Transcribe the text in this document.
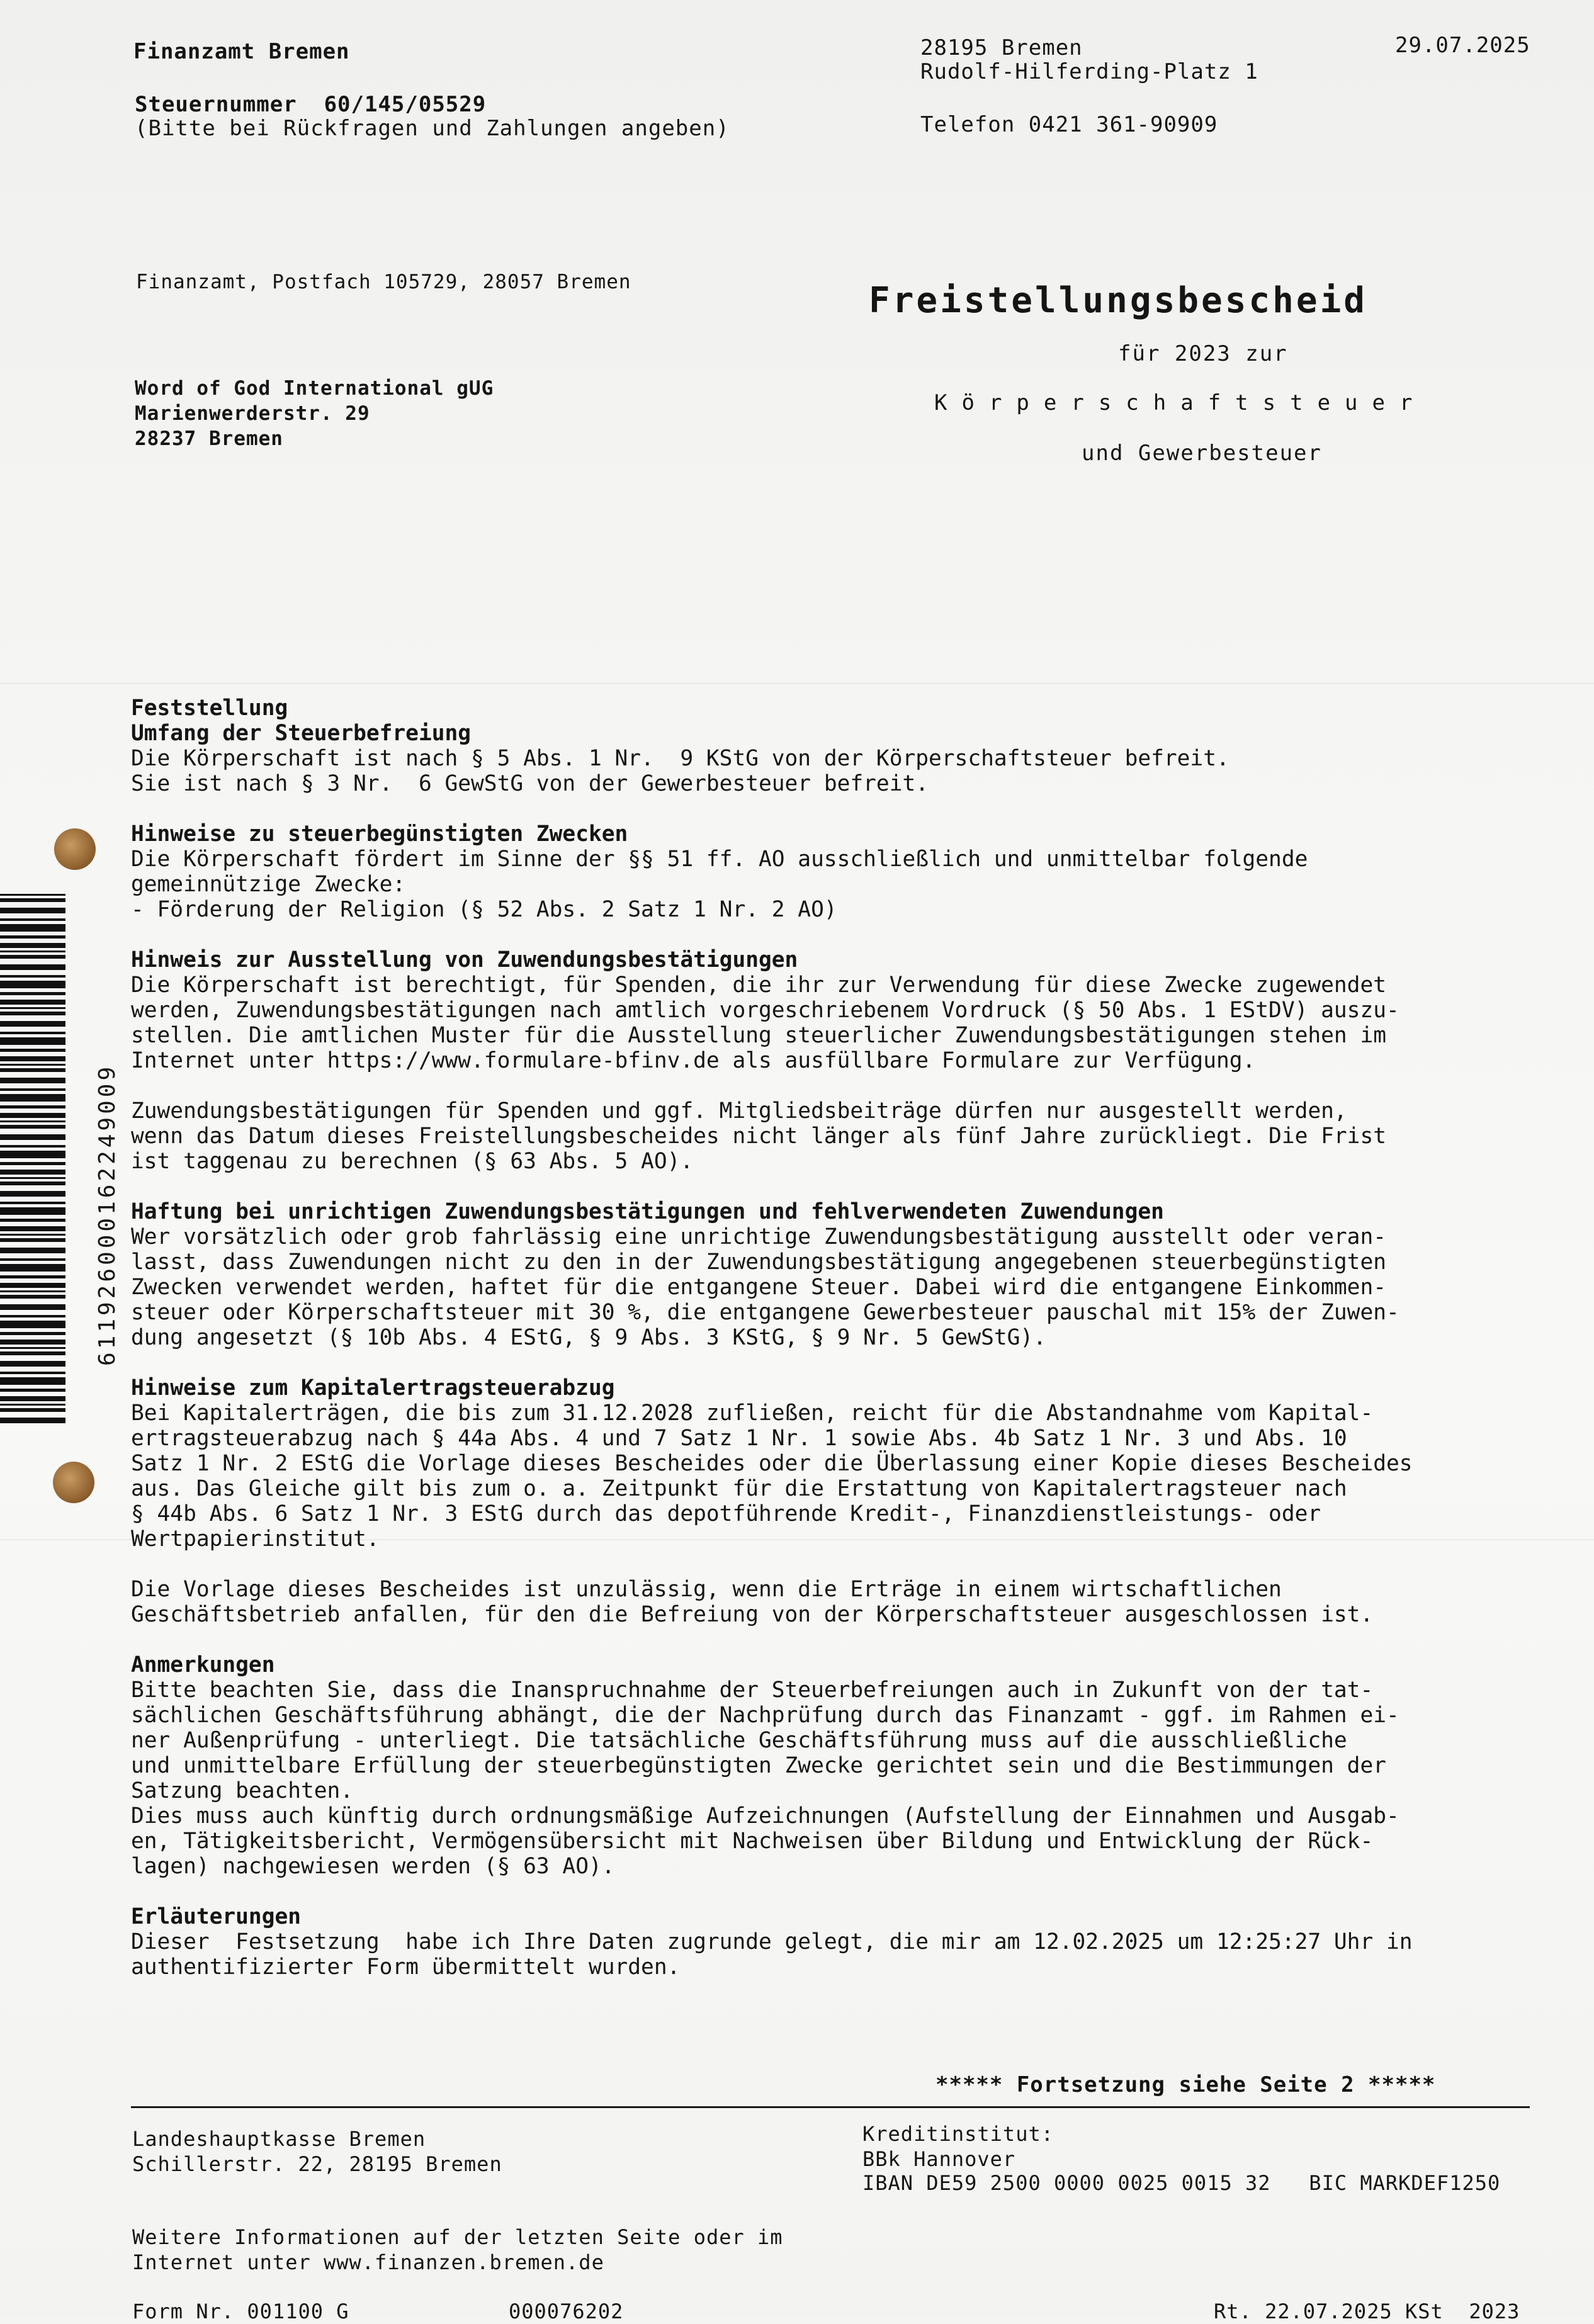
Finanzamt Bremen
Steuernummer  60/145/05529
(Bitte bei Rückfragen und Zahlungen angeben)
28195 Bremen
Rudolf-Hilferding-Platz 1
29.07.2025
Telefon 0421 361-90909
Finanzamt, Postfach 105729, 28057 Bremen
Word of God International gUG
Marienwerderstr. 29
28237 Bremen
Freistellungsbescheid
für 2023 zur
Körperschaftsteuer
und Gewerbesteuer
Feststellung
Umfang der Steuerbefreiung
Die Körperschaft ist nach § 5 Abs. 1 Nr.  9 KStG von der Körperschaftsteuer befreit.
Sie ist nach § 3 Nr.  6 GewStG von der Gewerbesteuer befreit.

Hinweise zu steuerbegünstigten Zwecken
Die Körperschaft fördert im Sinne der §§ 51 ff. AO ausschließlich und unmittelbar folgende
gemeinnützige Zwecke:
- Förderung der Religion (§ 52 Abs. 2 Satz 1 Nr. 2 AO)

Hinweis zur Ausstellung von Zuwendungsbestätigungen
Die Körperschaft ist berechtigt, für Spenden, die ihr zur Verwendung für diese Zwecke zugewendet
werden, Zuwendungsbestätigungen nach amtlich vorgeschriebenem Vordruck (§ 50 Abs. 1 EStDV) auszu-
stellen. Die amtlichen Muster für die Ausstellung steuerlicher Zuwendungsbestätigungen stehen im
Internet unter https://www.formulare-bfinv.de als ausfüllbare Formulare zur Verfügung.

Zuwendungsbestätigungen für Spenden und ggf. Mitgliedsbeiträge dürfen nur ausgestellt werden,
wenn das Datum dieses Freistellungsbescheides nicht länger als fünf Jahre zurückliegt. Die Frist
ist taggenau zu berechnen (§ 63 Abs. 5 AO).

Haftung bei unrichtigen Zuwendungsbestätigungen und fehlverwendeten Zuwendungen
Wer vorsätzlich oder grob fahrlässig eine unrichtige Zuwendungsbestätigung ausstellt oder veran-
lasst, dass Zuwendungen nicht zu den in der Zuwendungsbestätigung angegebenen steuerbegünstigten
Zwecken verwendet werden, haftet für die entgangene Steuer. Dabei wird die entgangene Einkommen-
steuer oder Körperschaftsteuer mit 30 %, die entgangene Gewerbesteuer pauschal mit 15% der Zuwen-
dung angesetzt (§ 10b Abs. 4 EStG, § 9 Abs. 3 KStG, § 9 Nr. 5 GewStG).

Hinweise zum Kapitalertragsteuerabzug
Bei Kapitalerträgen, die bis zum 31.12.2028 zufließen, reicht für die Abstandnahme vom Kapital-
ertragsteuerabzug nach § 44a Abs. 4 und 7 Satz 1 Nr. 1 sowie Abs. 4b Satz 1 Nr. 3 und Abs. 10
Satz 1 Nr. 2 EStG die Vorlage dieses Bescheides oder die Überlassung einer Kopie dieses Bescheides
aus. Das Gleiche gilt bis zum o. a. Zeitpunkt für die Erstattung von Kapitalertragsteuer nach
§ 44b Abs. 6 Satz 1 Nr. 3 EStG durch das depotführende Kredit-, Finanzdienstleistungs- oder
Wertpapierinstitut.

Die Vorlage dieses Bescheides ist unzulässig, wenn die Erträge in einem wirtschaftlichen
Geschäftsbetrieb anfallen, für den die Befreiung von der Körperschaftsteuer ausgeschlossen ist.

Anmerkungen
Bitte beachten Sie, dass die Inanspruchnahme der Steuerbefreiungen auch in Zukunft von der tat-
sächlichen Geschäftsführung abhängt, die der Nachprüfung durch das Finanzamt - ggf. im Rahmen ei-
ner Außenprüfung - unterliegt. Die tatsächliche Geschäftsführung muss auf die ausschließliche
und unmittelbare Erfüllung der steuerbegünstigten Zwecke gerichtet sein und die Bestimmungen der
Satzung beachten.
Dies muss auch künftig durch ordnungsmäßige Aufzeichnungen (Aufstellung der Einnahmen und Ausgab-
en, Tätigkeitsbericht, Vermögensübersicht mit Nachweisen über Bildung und Entwicklung der Rück-
lagen) nachgewiesen werden (§ 63 AO).

Erläuterungen
Dieser  Festsetzung  habe ich Ihre Daten zugrunde gelegt, die mir am 12.02.2025 um 12:25:27 Uhr in
authentifizierter Form übermittelt wurden.
***** Fortsetzung siehe Seite 2 *****
Landeshauptkasse Bremen
Schillerstr. 22, 28195 Bremen
Kreditinstitut:
BBk Hannover
IBAN DE59 2500 0000 0025 0015 32   BIC MARKDEF1250
Weitere Informationen auf der letzten Seite oder im
Internet unter www.finanzen.bremen.de
Form Nr. 001100 G	000076202	Rt. 22.07.2025 KSt  2023
611926000162249009
